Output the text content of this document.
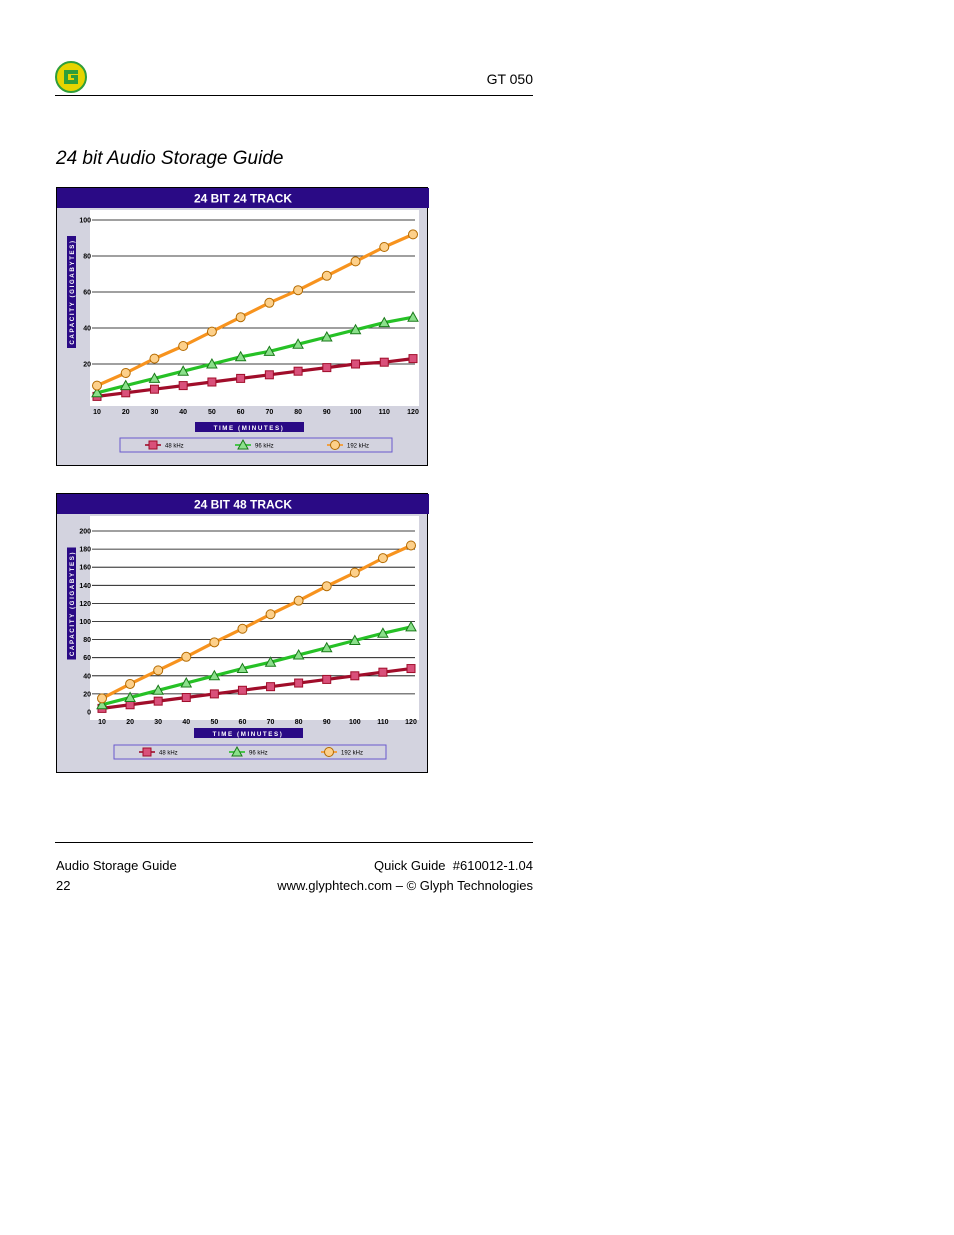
GT 050
24 bit Audio Storage Guide
24 BIT 24 TRACK
20
40
60
80
100
CAPACITY (GIGABYTES)
10	20	30	40	50	60	70	80	90	100 110 120
TIME (MINUTES)
48 kHz	96 kHz	192 kHz
24 BIT 48 TRACK
0
20
40
60
80
100
120
140
160
180
200
CAPACITY (GIGABYTES)
10	20	30	40	50	60	70	80	90	100 110 120
TIME (MINUTES)
48 kHz	96 kHz	192 kHz
Audio Storage Guide
22
Quick Guide  #610012-1.04
www.glyphtech.com – © Glyph Technologies
